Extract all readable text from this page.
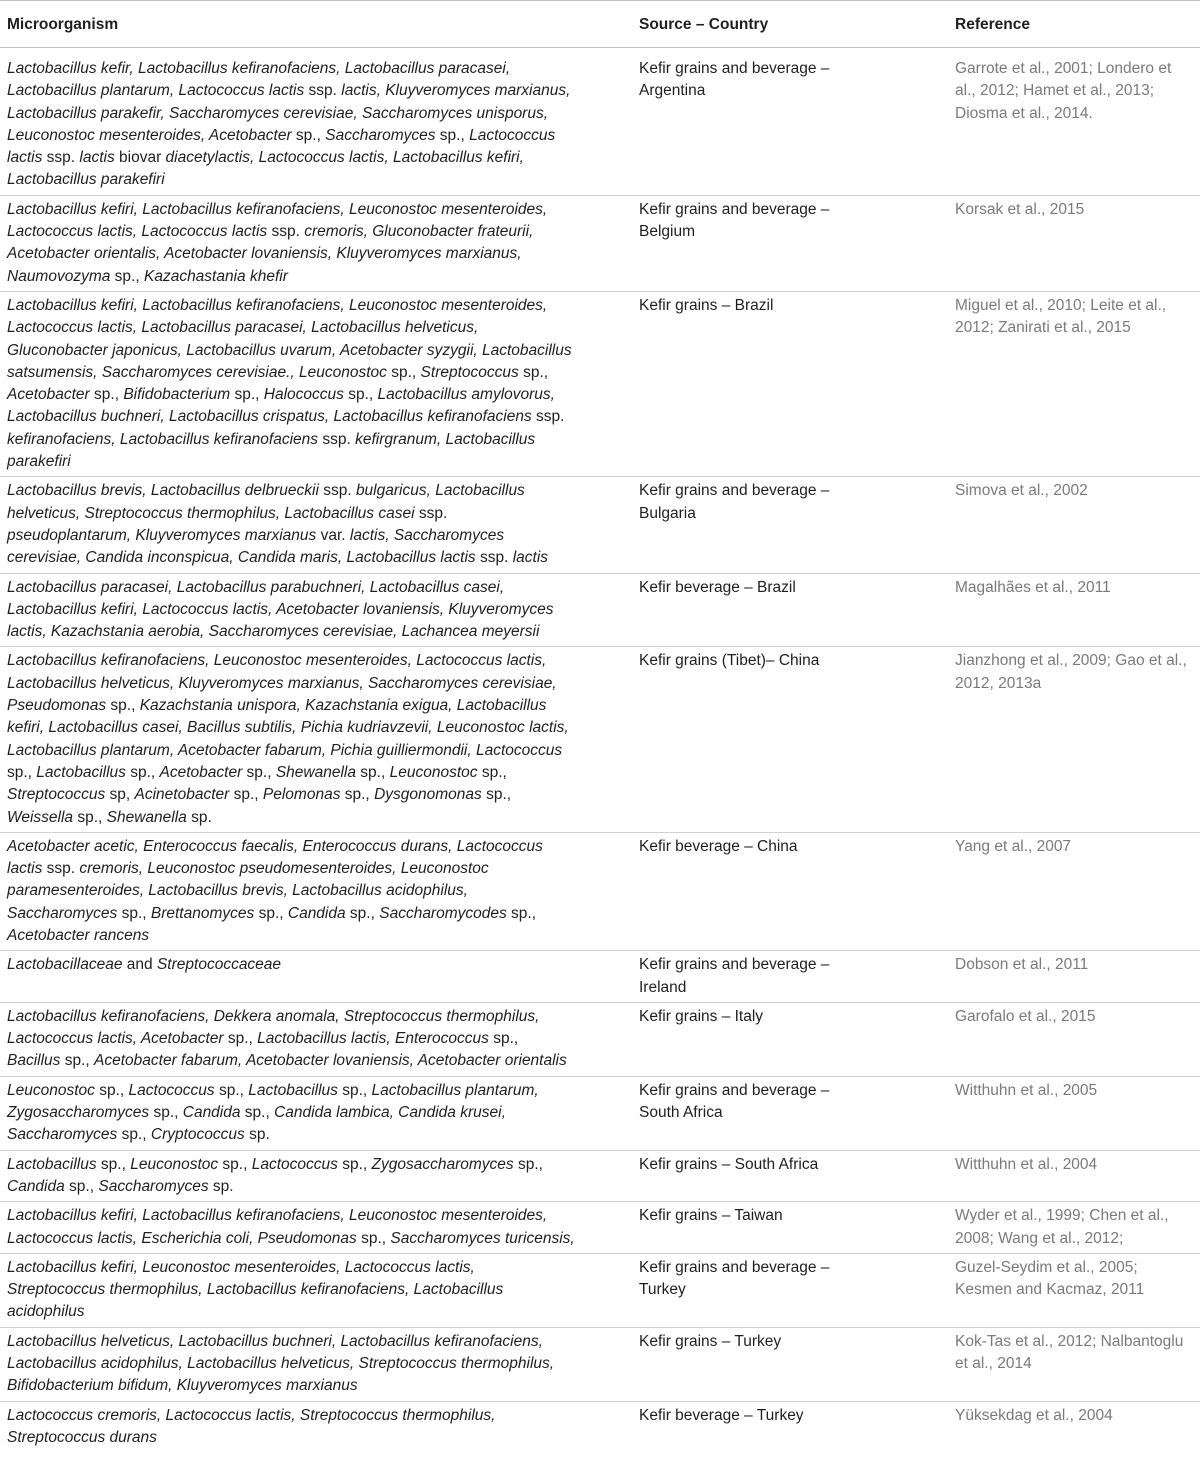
Microorganism	Source – Country	Reference

Lactobacillus kefir, Lactobacillus kefiranofaciens, Lactobacillus paracasei, Lactobacillus plantarum, Lactococcus lactis ssp. lactis, Kluyveromyces marxianus, Lactobacillus parakefir, Saccharomyces cerevisiae, Saccharomyces unisporus, Leuconostoc mesenteroides, Acetobacter sp., Saccharomyces sp., Lactococcus lactis ssp. lactis biovar diacetylactis, Lactococcus lactis, Lactobacillus kefiri, Lactobacillus parakefiri	Kefir grains and beverage – Argentina	Garrote et al., 2001; Londero et al., 2012; Hamet et al., 2013; Diosma et al., 2014.

Lactobacillus kefiri, Lactobacillus kefiranofaciens, Leuconostoc mesenteroides, Lactococcus lactis, Lactococcus lactis ssp. cremoris, Gluconobacter frateurii, Acetobacter orientalis, Acetobacter lovaniensis, Kluyveromyces marxianus, Naumovozyma sp., Kazachastania khefir	Kefir grains and beverage – Belgium	Korsak et al., 2015

Lactobacillus kefiri, Lactobacillus kefiranofaciens, Leuconostoc mesenteroides, Lactococcus lactis, Lactobacillus paracasei, Lactobacillus helveticus, Gluconobacter japonicus, Lactobacillus uvarum, Acetobacter syzygii, Lactobacillus satsumensis, Saccharomyces cerevisiae., Leuconostoc sp., Streptococcus sp., Acetobacter sp., Bifidobacterium sp., Halococcus sp., Lactobacillus amylovorus, Lactobacillus buchneri, Lactobacillus crispatus, Lactobacillus kefiranofaciens ssp. kefiranofaciens, Lactobacillus kefiranofaciens ssp. kefirgranum, Lactobacillus parakefiri	Kefir grains – Brazil	Miguel et al., 2010; Leite et al., 2012; Zanirati et al., 2015

Lactobacillus brevis, Lactobacillus delbrueckii ssp. bulgaricus, Lactobacillus helveticus, Streptococcus thermophilus, Lactobacillus casei ssp. pseudoplantarum, Kluyveromyces marxianus var. lactis, Saccharomyces cerevisiae, Candida inconspicua, Candida maris, Lactobacillus lactis ssp. lactis	Kefir grains and beverage – Bulgaria	Simova et al., 2002

Lactobacillus paracasei, Lactobacillus parabuchneri, Lactobacillus casei, Lactobacillus kefiri, Lactococcus lactis, Acetobacter lovaniensis, Kluyveromyces lactis, Kazachstania aerobia, Saccharomyces cerevisiae, Lachancea meyersii	Kefir beverage – Brazil	Magalhães et al., 2011

Lactobacillus kefiranofaciens, Leuconostoc mesenteroides, Lactococcus lactis, Lactobacillus helveticus, Kluyveromyces marxianus, Saccharomyces cerevisiae, Pseudomonas sp., Kazachstania unispora, Kazachstania exigua, Lactobacillus kefiri, Lactobacillus casei, Bacillus subtilis, Pichia kudriavzevii, Leuconostoc lactis, Lactobacillus plantarum, Acetobacter fabarum, Pichia guilliermondii, Lactococcus sp., Lactobacillus sp., Acetobacter sp., Shewanella sp., Leuconostoc sp., Streptococcus sp, Acinetobacter sp., Pelomonas sp., Dysgonomonas sp., Weissella sp., Shewanella sp.	Kefir grains (Tibet)– China	Jianzhong et al., 2009; Gao et al., 2012, 2013a

Acetobacter acetic, Enterococcus faecalis, Enterococcus durans, Lactococcus lactis ssp. cremoris, Leuconostoc pseudomesenteroides, Leuconostoc paramesenteroides, Lactobacillus brevis, Lactobacillus acidophilus, Saccharomyces sp., Brettanomyces sp., Candida sp., Saccharomycodes sp., Acetobacter rancens	Kefir beverage – China	Yang et al., 2007

Lactobacillaceae and Streptococcaceae	Kefir grains and beverage – Ireland	Dobson et al., 2011

Lactobacillus kefiranofaciens, Dekkera anomala, Streptococcus thermophilus, Lactococcus lactis, Acetobacter sp., Lactobacillus lactis, Enterococcus sp., Bacillus sp., Acetobacter fabarum, Acetobacter lovaniensis, Acetobacter orientalis	Kefir grains – Italy	Garofalo et al., 2015

Leuconostoc sp., Lactococcus sp., Lactobacillus sp., Lactobacillus plantarum, Zygosaccharomyces sp., Candida sp., Candida lambica, Candida krusei, Saccharomyces sp., Cryptococcus sp.	Kefir grains and beverage – South Africa	Witthuhn et al., 2005

Lactobacillus sp., Leuconostoc sp., Lactococcus sp., Zygosaccharomyces sp., Candida sp., Saccharomyces sp.	Kefir grains – South Africa	Witthuhn et al., 2004

Lactobacillus kefiri, Lactobacillus kefiranofaciens, Leuconostoc mesenteroides, Lactococcus lactis, Escherichia coli, Pseudomonas sp., Saccharomyces turicensis,	Kefir grains – Taiwan	Wyder et al., 1999; Chen et al., 2008; Wang et al., 2012;

Lactobacillus kefiri, Leuconostoc mesenteroides, Lactococcus lactis, Streptococcus thermophilus, Lactobacillus kefiranofaciens, Lactobacillus acidophilus	Kefir grains and beverage – Turkey	Guzel-Seydim et al., 2005; Kesmen and Kacmaz, 2011

Lactobacillus helveticus, Lactobacillus buchneri, Lactobacillus kefiranofaciens, Lactobacillus acidophilus, Lactobacillus helveticus, Streptococcus thermophilus, Bifidobacterium bifidum, Kluyveromyces marxianus	Kefir grains – Turkey	Kok-Tas et al., 2012; Nalbantoglu et al., 2014

Lactococcus cremoris, Lactococcus lactis, Streptococcus thermophilus, Streptococcus durans	Kefir beverage – Turkey	Yüksekdag et al., 2004
